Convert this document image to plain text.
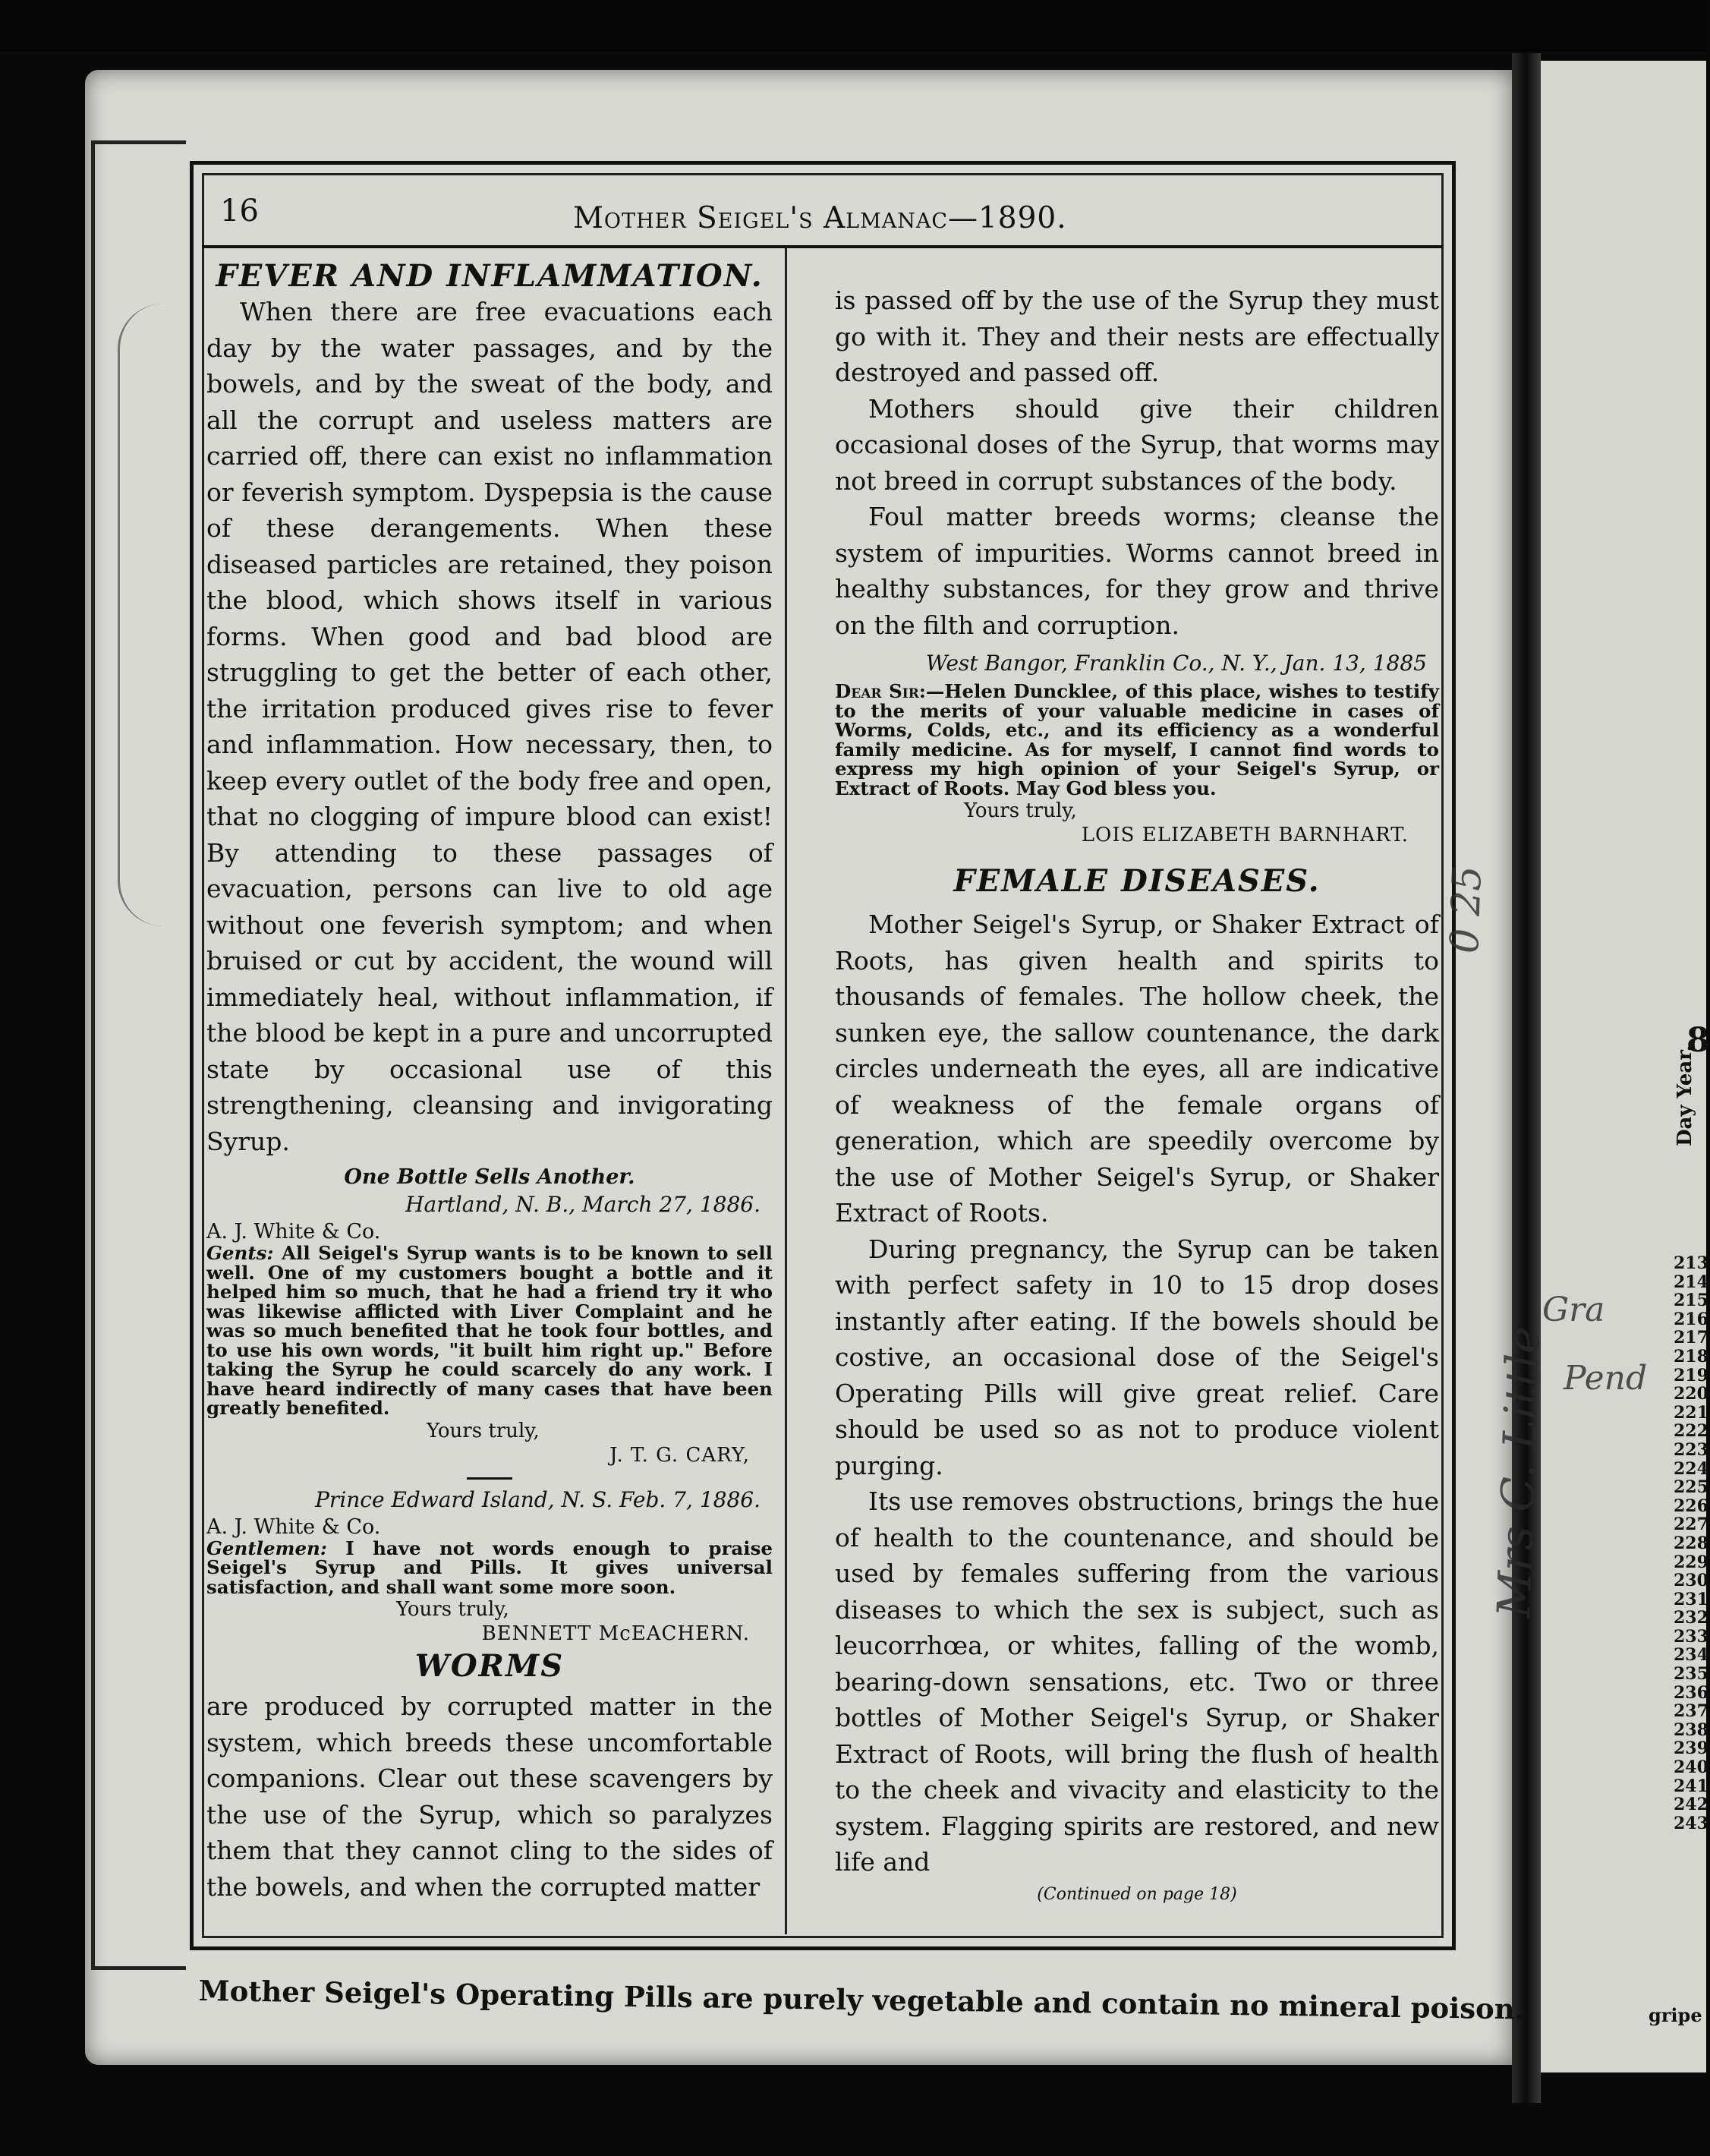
8
Day Year.
213 214 215 216 217 218 219 220 221 222 223 224 225 226 227 228 229 230 231 232 233 234 235 236 237 238 239 240 241 242 243
gripe
16	Mother Seigel's Almanac—1890.
FEVER AND INFLAMMATION.

When there are free evacuations each day by the water passages, and by the bowels, and by the sweat of the body, and all the corrupt and useless matters are carried off, there can exist no inflammation or feverish symptom. Dyspepsia is the cause of these derangements. When these diseased particles are retained, they poison the blood, which shows itself in various forms. When good and bad blood are struggling to get the better of each other, the irritation produced gives rise to fever and inflammation. How necessary, then, to keep every outlet of the body free and open, that no clogging of impure blood can exist! By attending to these passages of evacuation, persons can live to old age without one feverish symptom; and when bruised or cut by accident, the wound will immediately heal, without inflammation, if the blood be kept in a pure and uncorrupted state by occasional use of this strengthening, cleansing and invigorating Syrup.

One Bottle Sells Another.
Hartland, N. B., March 27, 1886.
A. J. White & Co.

Gents: All Seigel's Syrup wants is to be known to sell well. One of my customers bought a bottle and it helped him so much, that he had a friend try it who was likewise afflicted with Liver Complaint and he was so much benefited that he took four bottles, and to use his own words, "it built him right up." Before taking the Syrup he could scarcely do any work. I have heard indirectly of many cases that have been greatly benefited.

Yours truly,
J. T. G. CARY,
Prince Edward Island, N. S. Feb. 7, 1886.
A. J. White & Co.

Gentlemen: I have not words enough to praise Seigel's Syrup and Pills. It gives universal satisfaction, and shall want some more soon.

Yours truly,
BENNETT McEACHERN.
WORMS

are produced by corrupted matter in the system, which breeds these uncomfortable companions. Clear out these scavengers by the use of the Syrup, which so paralyzes them that they cannot cling to the sides of the bowels, and when the corrupted matter

is passed off by the use of the Syrup they must go with it. They and their nests are effectually destroyed and passed off.

Mothers should give their children occasional doses of the Syrup, that worms may not breed in corrupt substances of the body.

Foul matter breeds worms; cleanse the system of impurities. Worms cannot breed in healthy substances, for they grow and thrive on the filth and corruption.

West Bangor, Franklin Co., N. Y., Jan. 13, 1885

Dear Sir:—Helen Duncklee, of this place, wishes to testify to the merits of your valuable medicine in cases of Worms, Colds, etc., and its efficiency as a wonderful family medicine. As for myself, I cannot find words to express my high opinion of your Seigel's Syrup, or Extract of Roots. May God bless you.

Yours truly,
LOIS ELIZABETH BARNHART.
FEMALE DISEASES.

Mother Seigel's Syrup, or Shaker Extract of Roots, has given health and spirits to thousands of females. The hollow cheek, the sunken eye, the sallow countenance, the dark circles underneath the eyes, all are indicative of weakness of the female organs of generation, which are speedily overcome by the use of Mother Seigel's Syrup, or Shaker Extract of Roots.

During pregnancy, the Syrup can be taken with perfect safety in 10 to 15 drop doses instantly after eating. If the bowels should be costive, an occasional dose of the Seigel's Operating Pills will give great relief. Care should be used so as not to produce violent purging.

Its use removes obstructions, brings the hue of health to the countenance, and should be used by females suffering from the various diseases to which the sex is subject, such as leucorrhœa, or whites, falling of the womb, bearing-down sensations, etc. Two or three bottles of Mother Seigel's Syrup, or Shaker Extract of Roots, will bring the flush of health to the cheek and vivacity and elasticity to the system. Flagging spirits are restored, and new life and

(Continued on page 18)
Mother Seigel's Operating Pills are purely vegetable and contain no mineral poison.
Mrs C. Little
0 25
Gra
Pend
